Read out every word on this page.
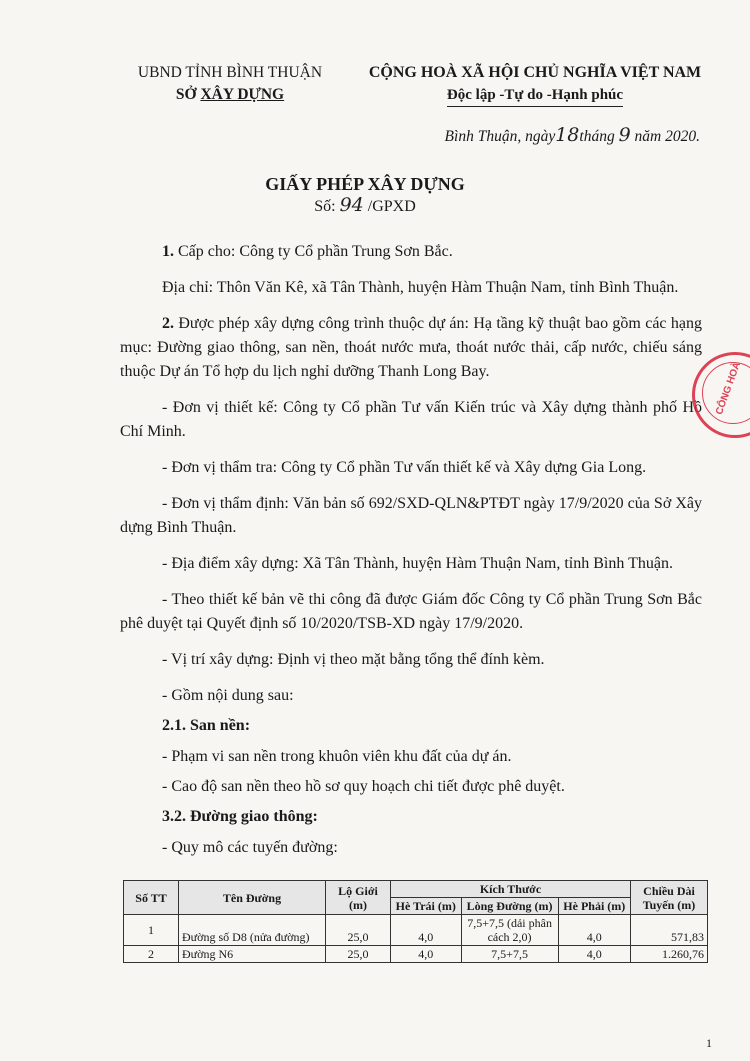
UBND TỈNH BÌNH THUẬN
SỞ XÂY DỰNG
CỘNG HOÀ XÃ HỘI CHỦ NGHĨA VIỆT NAM
Độc lập -Tự do -Hạnh phúc
Bình Thuận, ngày18tháng 9 năm 2020.
GIẤY PHÉP XÂY DỰNG
Số: 94 /GPXD

1. Cấp cho: Công ty Cổ phần Trung Sơn Bắc.

Địa chỉ: Thôn Văn Kê, xã Tân Thành, huyện Hàm Thuận Nam, tỉnh Bình Thuận.

2. Được phép xây dựng công trình thuộc dự án: Hạ tầng kỹ thuật bao gồm các hạng mục: Đường giao thông, san nền, thoát nước mưa, thoát nước thải, cấp nước, chiếu sáng thuộc Dự án Tổ hợp du lịch nghỉ dưỡng Thanh Long Bay.

- Đơn vị thiết kế: Công ty Cổ phần Tư vấn Kiến trúc và Xây dựng thành phố Hồ Chí Minh.

- Đơn vị thẩm tra: Công ty Cổ phần Tư vấn thiết kế và Xây dựng Gia Long.

- Đơn vị thẩm định: Văn bản số 692/SXD-QLN&PTĐT ngày 17/9/2020 của Sở Xây dựng Bình Thuận.

- Địa điểm xây dựng: Xã Tân Thành, huyện Hàm Thuận Nam, tỉnh Bình Thuận.

- Theo thiết kế bản vẽ thi công đã được Giám đốc Công ty Cổ phần Trung Sơn Bắc phê duyệt tại Quyết định số 10/2020/TSB-XD ngày 17/9/2020.

- Vị trí xây dựng: Định vị theo mặt bằng tổng thể đính kèm.

- Gồm nội dung sau:

2.1. San nền:

- Phạm vi san nền trong khuôn viên khu đất của dự án.

- Cao độ san nền theo hồ sơ quy hoạch chi tiết được phê duyệt.

3.2. Đường giao thông:

- Quy mô các tuyến đường:

Số TT	Tên Đường	Lộ Giới (m)	Kích Thước			Chiều Dài Tuyến (m)
			Hè Trái (m)	Lòng Đường (m)	Hè Phải (m)	
1	Đường số D8 (nửa đường)	25,0	4,0	7,5+7,5 (dải phân cách 2,0)	4,0	571,83
2	Đường N6	25,0	4,0	7,5+7,5	4,0	1.260,76
CÔNG HOÀ
1
